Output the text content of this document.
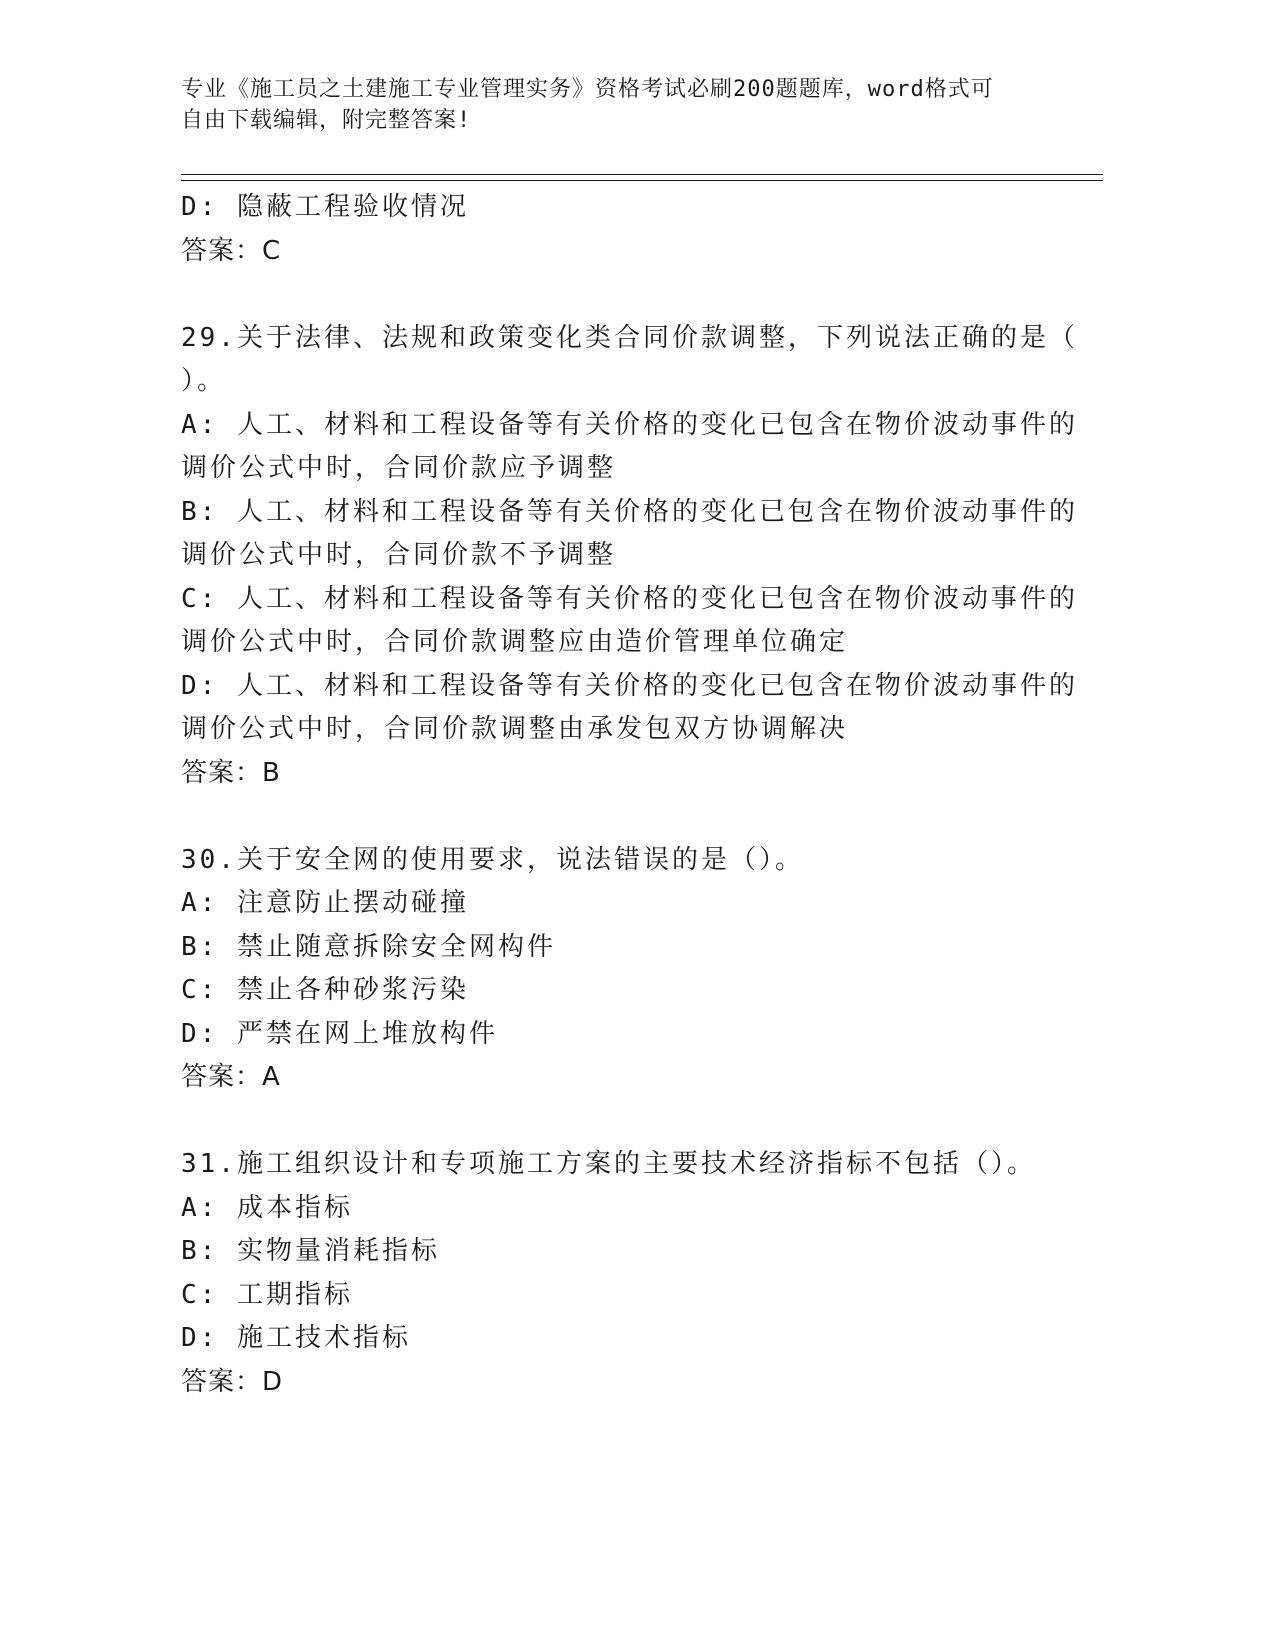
专业《施工员之土建施工专业管理实务》资格考试必刷200题题库，word格式可
自由下载编辑，附完整答案!
D: 隐蔽工程验收情况
答案：C
29.关于法律、法规和政策变化类合同价款调整，下列说法正确的是（
）。
A: 人工、材料和工程设备等有关价格的变化已包含在物价波动事件的
调价公式中时，合同价款应予调整
B: 人工、材料和工程设备等有关价格的变化已包含在物价波动事件的
调价公式中时，合同价款不予调整
C: 人工、材料和工程设备等有关价格的变化已包含在物价波动事件的
调价公式中时，合同价款调整应由造价管理单位确定
D: 人工、材料和工程设备等有关价格的变化已包含在物价波动事件的
调价公式中时，合同价款调整由承发包双方协调解决
答案：B
30.关于安全网的使用要求，说法错误的是（）。
A: 注意防止摆动碰撞
B: 禁止随意拆除安全网构件
C: 禁止各种砂浆污染
D: 严禁在网上堆放构件
答案：A
31.施工组织设计和专项施工方案的主要技术经济指标不包括（）。
A: 成本指标
B: 实物量消耗指标
C: 工期指标
D: 施工技术指标
答案：D
